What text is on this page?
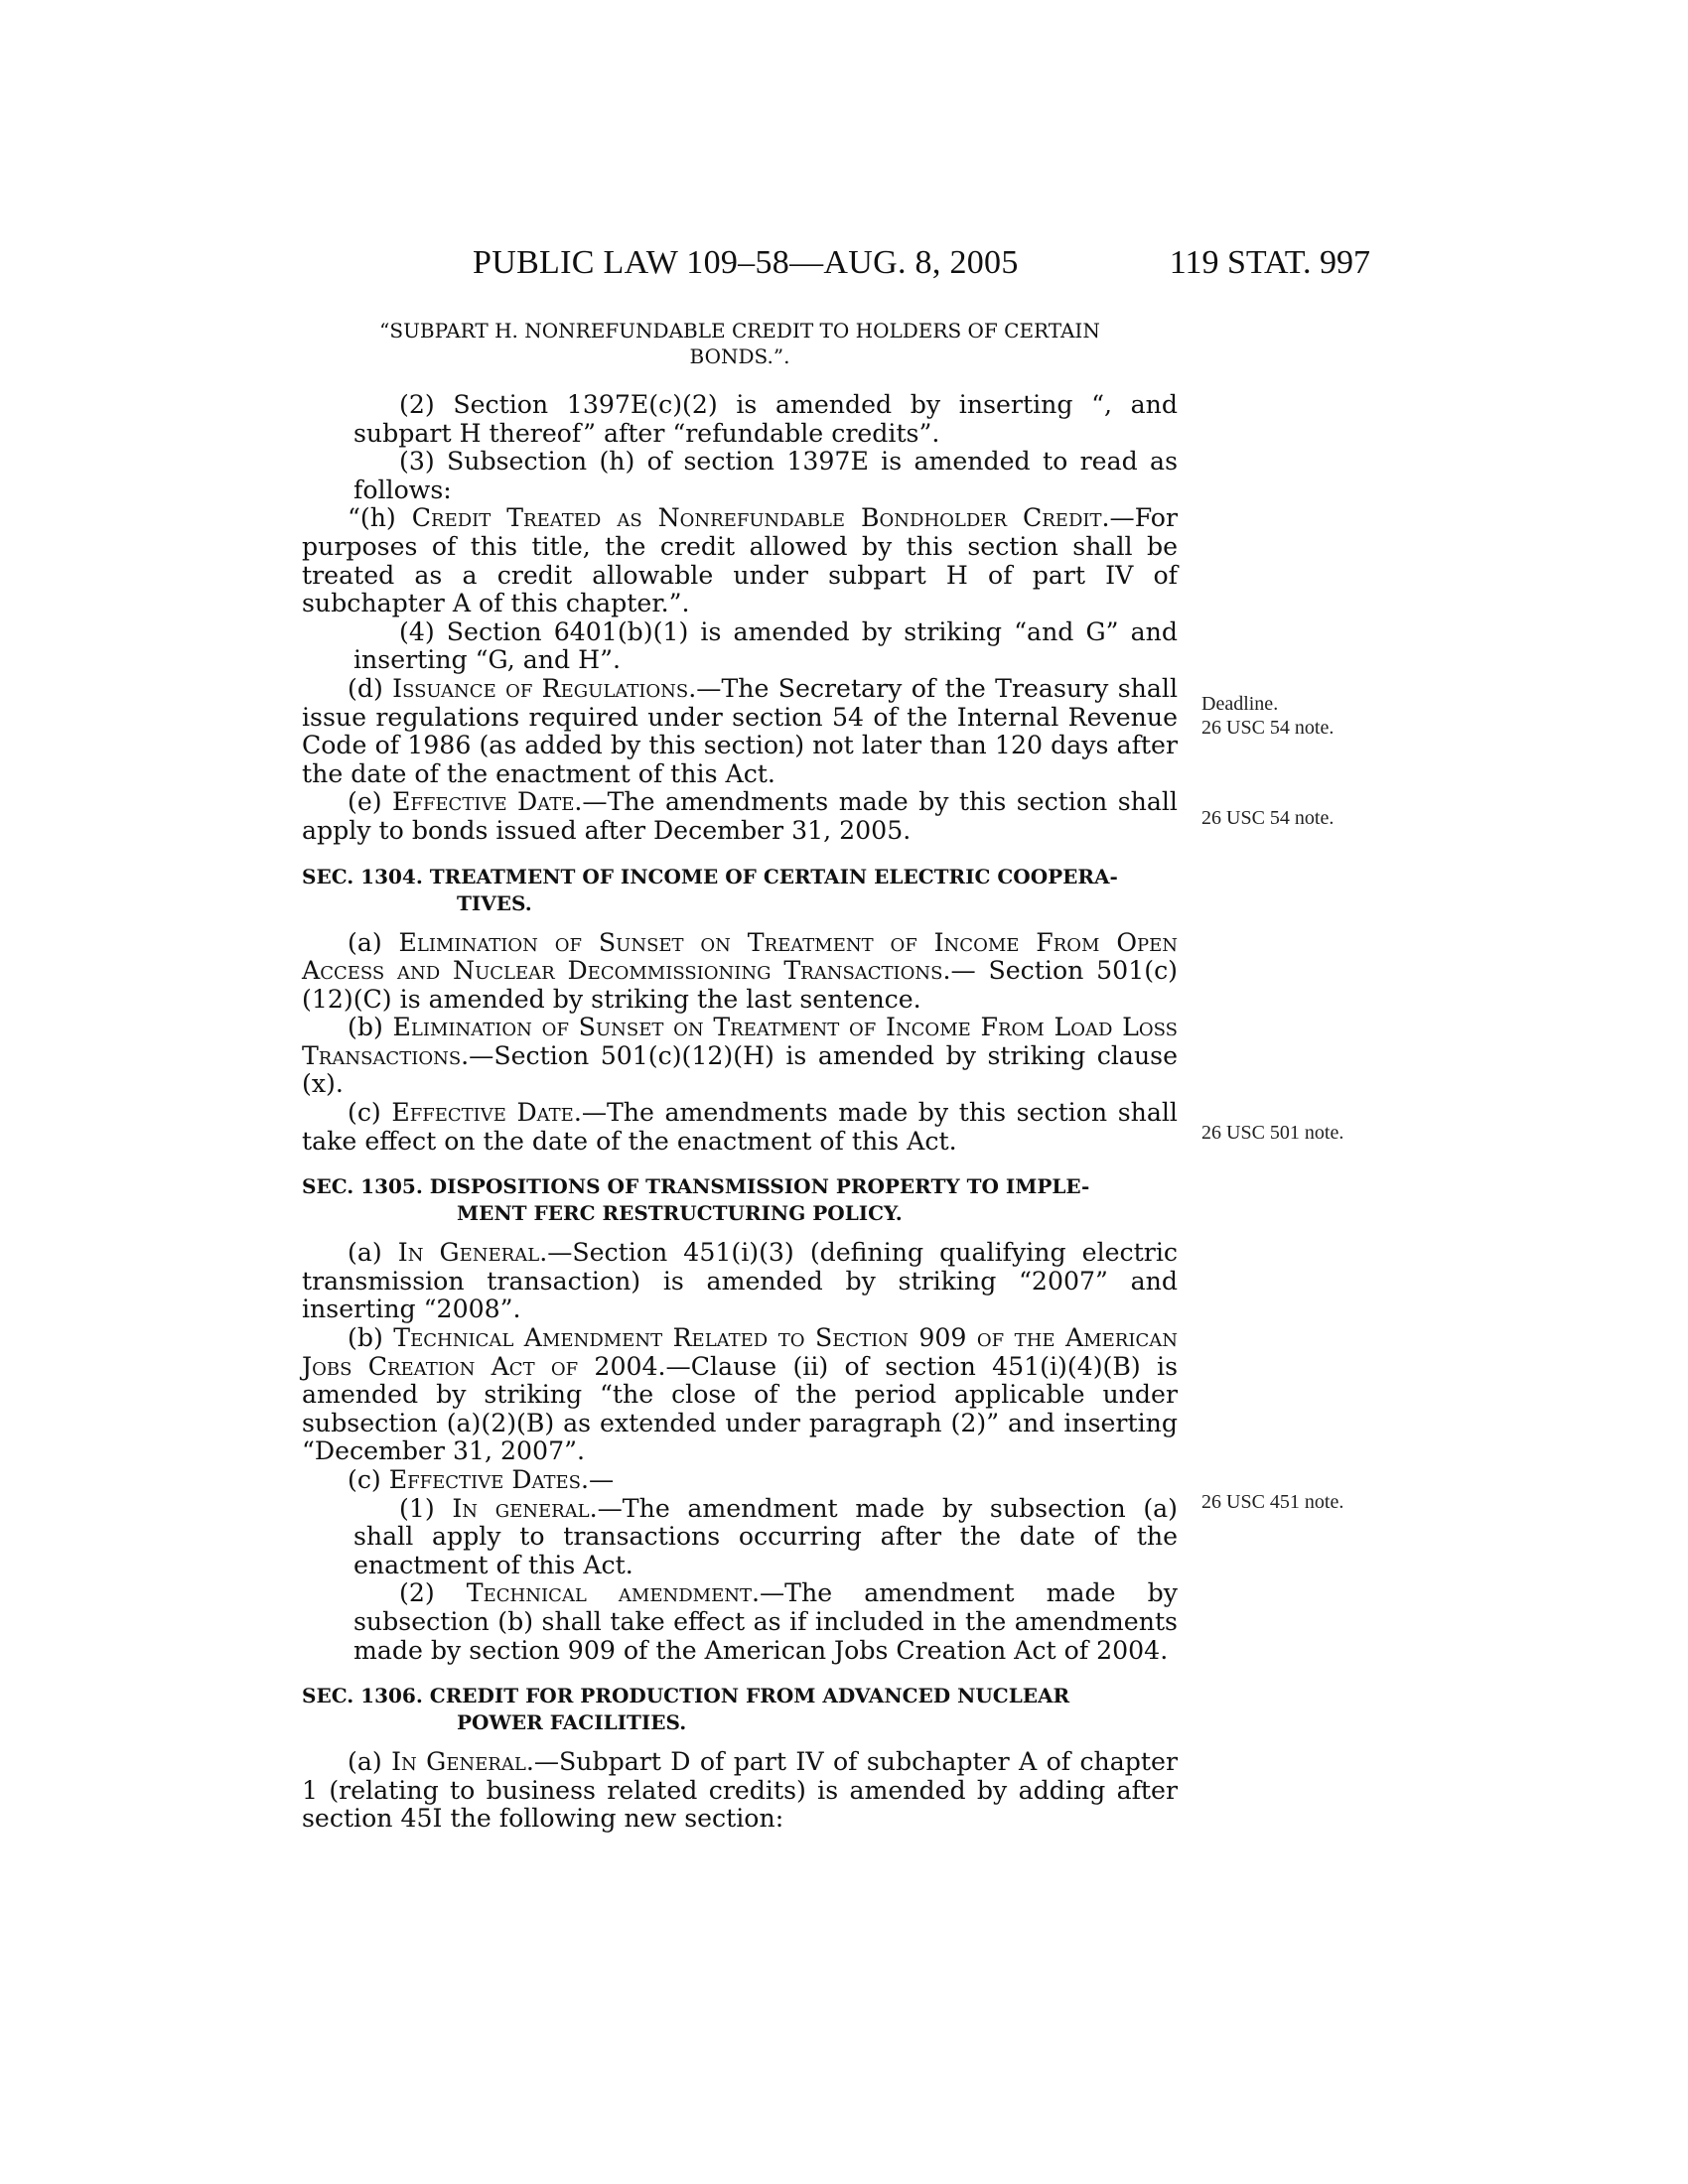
PUBLIC LAW 109–58—AUG. 8, 2005	119 STAT. 997

“SUBPART H. NONREFUNDABLE CREDIT TO HOLDERS OF CERTAIN
BONDS.”.

(2) Section 1397E(c)(2) is amended by inserting “, and subpart H thereof” after “refundable credits”.

(3) Subsection (h) of section 1397E is amended to read as follows:

“(h) Credit Treated as Nonrefundable Bondholder Credit.—For purposes of this title, the credit allowed by this section shall be treated as a credit allowable under subpart H of part IV of subchapter A of this chapter.”.

(4) Section 6401(b)(1) is amended by striking “and G” and inserting “G, and H”.

(d) Issuance of Regulations.—The Secretary of the Treasury shall issue regulations required under section 54 of the Internal Revenue Code of 1986 (as added by this section) not later than 120 days after the date of the enactment of this Act.

(e) Effective Date.—The amendments made by this section shall apply to bonds issued after December 31, 2005.

SEC. 1304. TREATMENT OF INCOME OF CERTAIN ELECTRIC COOPERA-
TIVES.

(a) Elimination of Sunset on Treatment of Income From Open Access and Nuclear Decommissioning Transactions.— Section 501(c)(12)(C) is amended by striking the last sentence.

(b) Elimination of Sunset on Treatment of Income From Load Loss Transactions.—Section 501(c)(12)(H) is amended by striking clause (x).

(c) Effective Date.—The amendments made by this section shall take effect on the date of the enactment of this Act.

SEC. 1305. DISPOSITIONS OF TRANSMISSION PROPERTY TO IMPLE-
MENT FERC RESTRUCTURING POLICY.

(a) In General.—Section 451(i)(3) (defining qualifying electric transmission transaction) is amended by striking “2007” and inserting “2008”.

(b) Technical Amendment Related to Section 909 of the American Jobs Creation Act of 2004.—Clause (ii) of section 451(i)(4)(B) is amended by striking “the close of the period applicable under subsection (a)(2)(B) as extended under paragraph (2)” and inserting “December 31, 2007”.

(c) Effective Dates.—

(1) In general.—The amendment made by subsection (a) shall apply to transactions occurring after the date of the enactment of this Act.

(2) Technical amendment.—The amendment made by subsection (b) shall take effect as if included in the amendments made by section 909 of the American Jobs Creation Act of 2004.

SEC. 1306. CREDIT FOR PRODUCTION FROM ADVANCED NUCLEAR
POWER FACILITIES.

(a) In General.—Subpart D of part IV of subchapter A of chapter 1 (relating to business related credits) is amended by adding after section 45I the following new section:

Deadline.
26 USC 54 note.
26 USC 54 note.
26 USC 501 note.
26 USC 451 note.
